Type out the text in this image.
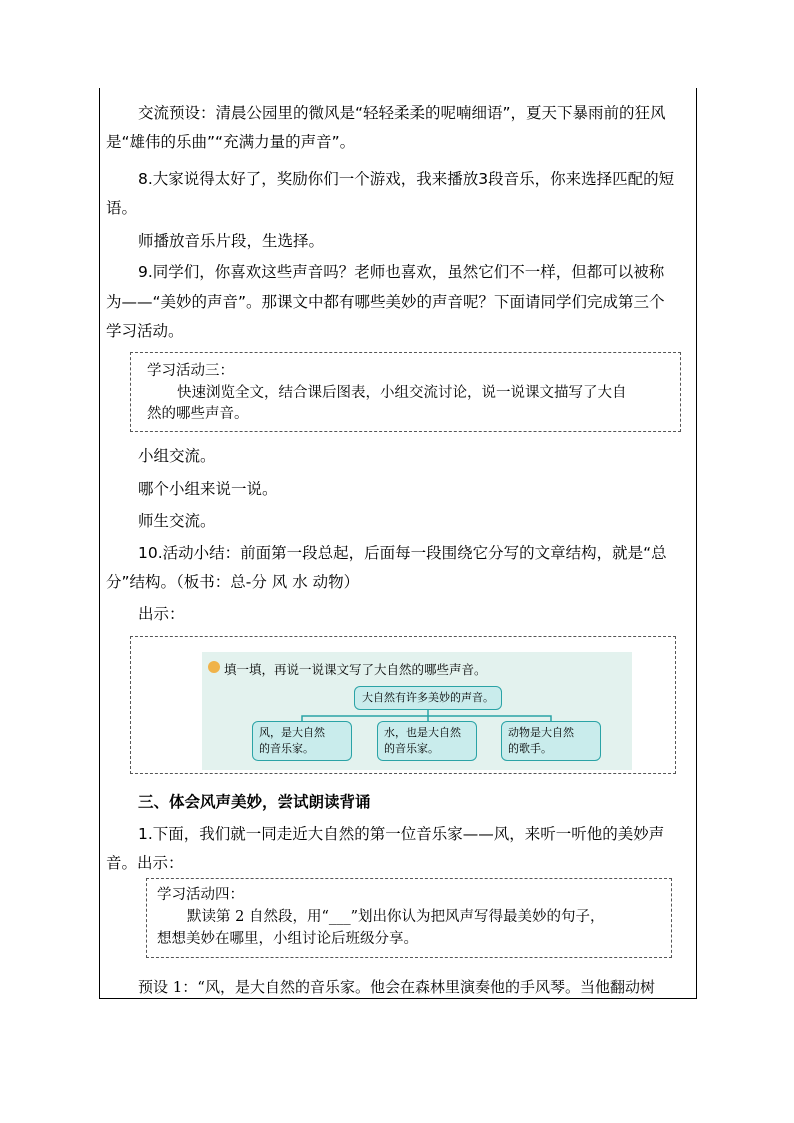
交流预设：清晨公园里的微风是“轻轻柔柔的呢喃细语”，夏天下暴雨前的狂风
是“雄伟的乐曲”“充满力量的声音”。
8.大家说得太好了，奖励你们一个游戏，我来播放3段音乐，你来选择匹配的短
语。
师播放音乐片段，生选择。
9.同学们，你喜欢这些声音吗？老师也喜欢，虽然它们不一样，但都可以被称
为——“美妙的声音”。那课文中都有哪些美妙的声音呢？下面请同学们完成第三个
学习活动。
学习活动三：
快速浏览全文，结合课后图表，小组交流讨论，说一说课文描写了大自
然的哪些声音。
小组交流。
哪个小组来说一说。
师生交流。
10.活动小结：前面第一段总起，后面每一段围绕它分写的文章结构，就是“总
分”结构。（板书：总-分 风 水 动物）
出示：
填一填，再说一说课文写了大自然的哪些声音。
大自然有许多美妙的声音。
风，是大自然
的音乐家。
水，也是大自然
的音乐家。
动物是大自然
的歌手。
三、体会风声美妙，尝试朗读背诵
1.下面，我们就一同走近大自然的第一位音乐家——风，来听一听他的美妙声
音。出示：
学习活动四：
默读第 2 自然段，用“___”划出你认为把风声写得最美妙的句子，
想想美妙在哪里，小组讨论后班级分享。
预设 1：“风，是大自然的音乐家。他会在森林里演奏他的手风琴。当他翻动树
